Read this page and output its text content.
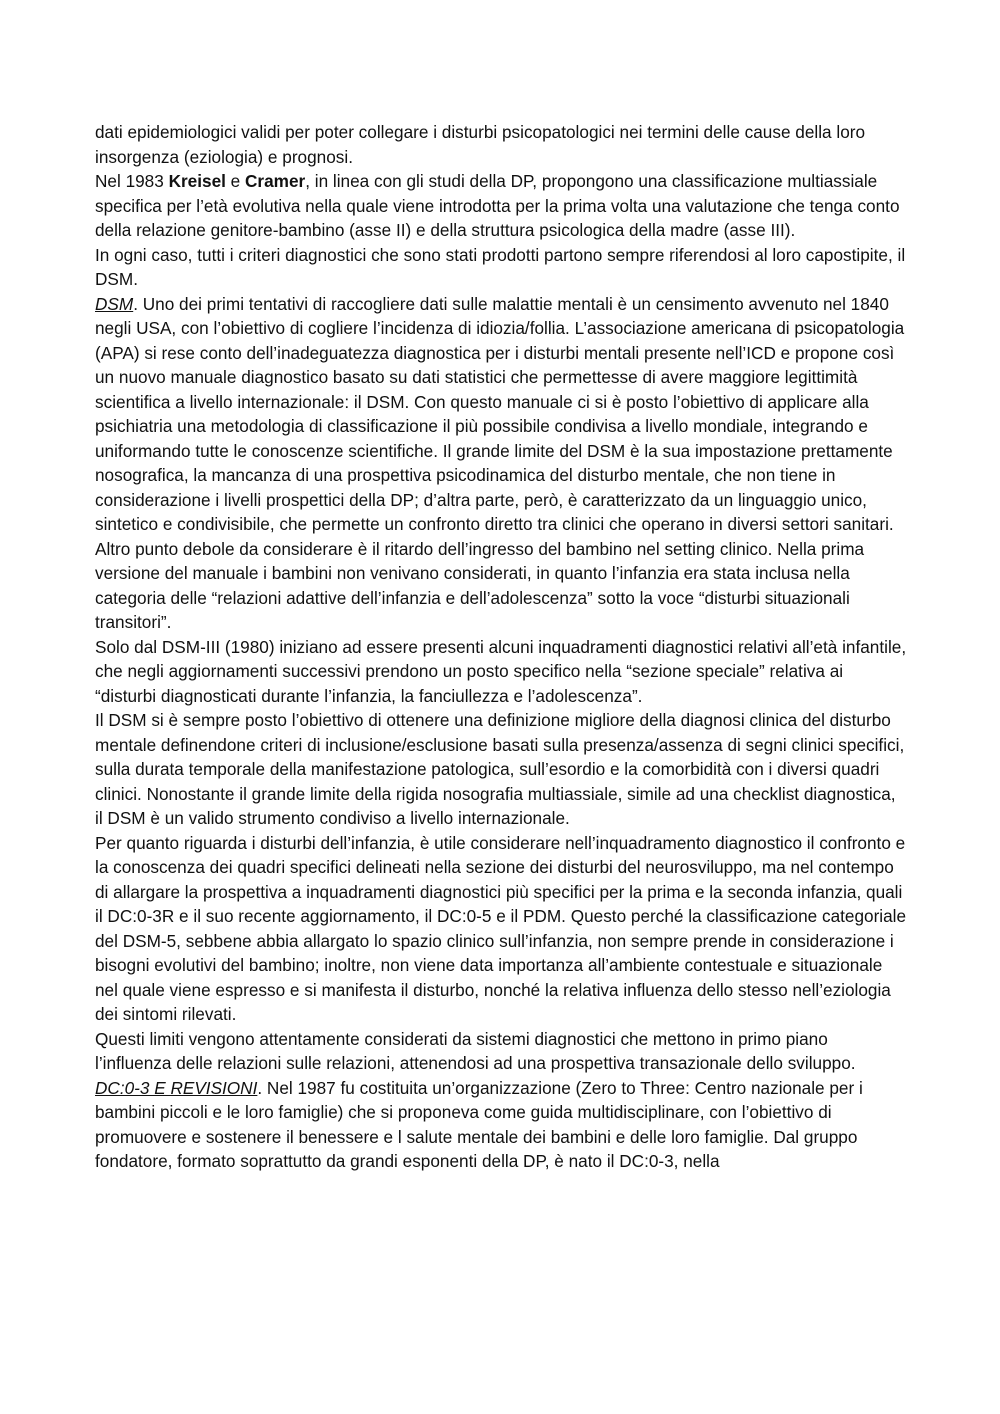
dati epidemiologici validi per poter collegare i disturbi psicopatologici nei termini delle cause della loro insorgenza (eziologia) e prognosi.

Nel 1983 Kreisel e Cramer, in linea con gli studi della DP, propongono una classificazione multiassiale specifica per l’età evolutiva nella quale viene introdotta per la prima volta una valutazione che tenga conto della relazione genitore-bambino (asse II) e della struttura psicologica della madre (asse III).

In ogni caso, tutti i criteri diagnostici che sono stati prodotti partono sempre riferendosi al loro capostipite, il DSM.

DSM. Uno dei primi tentativi di raccogliere dati sulle malattie mentali è un censimento avvenuto nel 1840 negli USA, con l’obiettivo di cogliere l’incidenza di idiozia/follia. L’associazione americana di psicopatologia (APA) si rese conto dell’inadeguatezza diagnostica per i disturbi mentali presente nell’ICD e propone così un nuovo manuale diagnostico basato su dati statistici che permettesse di avere maggiore legittimità scientifica a livello internazionale: il DSM. Con questo manuale ci si è posto l’obiettivo di applicare alla psichiatria una metodologia di classificazione il più possibile condivisa a livello mondiale, integrando e uniformando tutte le conoscenze scientifiche. Il grande limite del DSM è la sua impostazione prettamente nosografica, la mancanza di una prospettiva psicodinamica del disturbo mentale, che non tiene in considerazione i livelli prospettici della DP; d’altra parte, però, è caratterizzato da un linguaggio unico, sintetico e condivisibile, che permette un confronto diretto tra clinici che operano in diversi settori sanitari.

Altro punto debole da considerare è il ritardo dell’ingresso del bambino nel setting clinico. Nella prima versione del manuale i bambini non venivano considerati, in quanto l’infanzia era stata inclusa nella categoria delle “relazioni adattive dell’infanzia e dell’adolescenza” sotto la voce “disturbi situazionali transitori”.

Solo dal DSM-III (1980) iniziano ad essere presenti alcuni inquadramenti diagnostici relativi all’età infantile, che negli aggiornamenti successivi prendono un posto specifico nella “sezione speciale” relativa ai “disturbi diagnosticati durante l’infanzia, la fanciullezza e l’adolescenza”.

Il DSM si è sempre posto l’obiettivo di ottenere una definizione migliore della diagnosi clinica del disturbo mentale definendone criteri di inclusione/esclusione basati sulla presenza/assenza di segni clinici specifici, sulla durata temporale della manifestazione patologica, sull’esordio e la comorbidità con i diversi quadri clinici. Nonostante il grande limite della rigida nosografia multiassiale, simile ad una checklist diagnostica, il DSM è un valido strumento condiviso a livello internazionale.

Per quanto riguarda i disturbi dell’infanzia, è utile considerare nell’inquadramento diagnostico il confronto e la conoscenza dei quadri specifici delineati nella sezione dei disturbi del neurosviluppo, ma nel contempo di allargare la prospettiva a inquadramenti diagnostici più specifici per la prima e la seconda infanzia, quali il DC:0-3R e il suo recente aggiornamento, il DC:0-5 e il PDM. Questo perché la classificazione categoriale del DSM-5, sebbene abbia allargato lo spazio clinico sull’infanzia, non sempre prende in considerazione i bisogni evolutivi del bambino; inoltre, non viene data importanza all’ambiente contestuale e situazionale nel quale viene espresso e si manifesta il disturbo, nonché la relativa influenza dello stesso nell’eziologia dei sintomi rilevati.

Questi limiti vengono attentamente considerati da sistemi diagnostici che mettono in primo piano l’influenza delle relazioni sulle relazioni, attenendosi ad una prospettiva transazionale dello sviluppo.

DC:0-3 E REVISIONI. Nel 1987 fu costituita un’organizzazione (Zero to Three: Centro nazionale per i bambini piccoli e le loro famiglie) che si proponeva come guida multidisciplinare, con l’obiettivo di promuovere e sostenere il benessere e l salute mentale dei bambini e delle loro famiglie. Dal gruppo fondatore, formato soprattutto da grandi esponenti della DP, è nato il DC:0-3, nella
